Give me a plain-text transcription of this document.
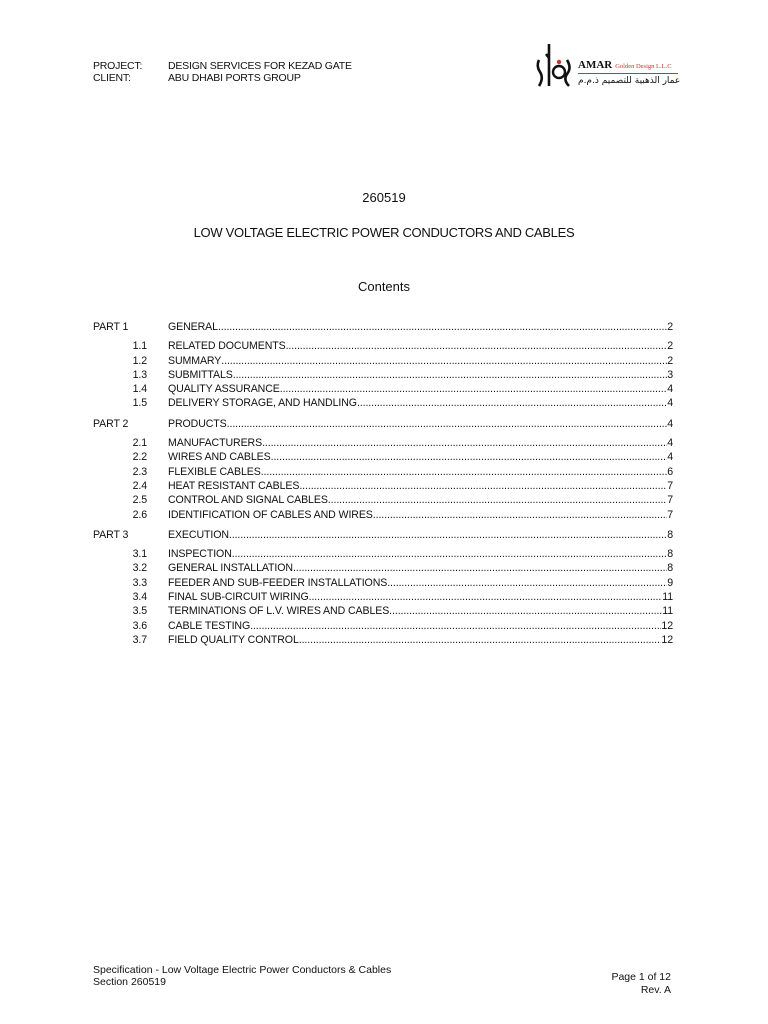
PROJECT:	DESIGN SERVICES FOR KEZAD GATE
CLIENT:	ABU DHABI PORTS GROUP
AMAR Golden Design L.L.C
عمار الذهبية للتصميم ذ.م.م
260519
LOW VOLTAGE ELECTRIC POWER CONDUCTORS AND CABLES
Contents
PART 1	GENERAL .....	2
1.1 RELATED DOCUMENTS .....	2
1.2 SUMMARY .....	2
1.3 SUBMITTALS .....	3
1.4 QUALITY ASSURANCE .....	4
1.5 DELIVERY STORAGE, AND HANDLING .....	4
PART 2	PRODUCTS .....	4
2.1 MANUFACTURERS .....	4
2.2 WIRES AND CABLES .....	4
2.3 FLEXIBLE CABLES .....	6
2.4 HEAT RESISTANT CABLES .....	7
2.5 CONTROL AND SIGNAL CABLES .....	7
2.6 IDENTIFICATION OF CABLES AND WIRES .....	7
PART 3	EXECUTION .....	8
3.1 INSPECTION .....	8
3.2 GENERAL INSTALLATION .....	8
3.3 FEEDER AND SUB-FEEDER INSTALLATIONS .....	9
3.4 FINAL SUB-CIRCUIT WIRING .....	11
3.5 TERMINATIONS OF L.V. WIRES AND CABLES .....	11
3.6 CABLE TESTING .....	12
3.7 FIELD QUALITY CONTROL .....	12
Specification - Low Voltage Electric Power Conductors & Cables
Section 260519	Page 1 of 12
Rev. A
